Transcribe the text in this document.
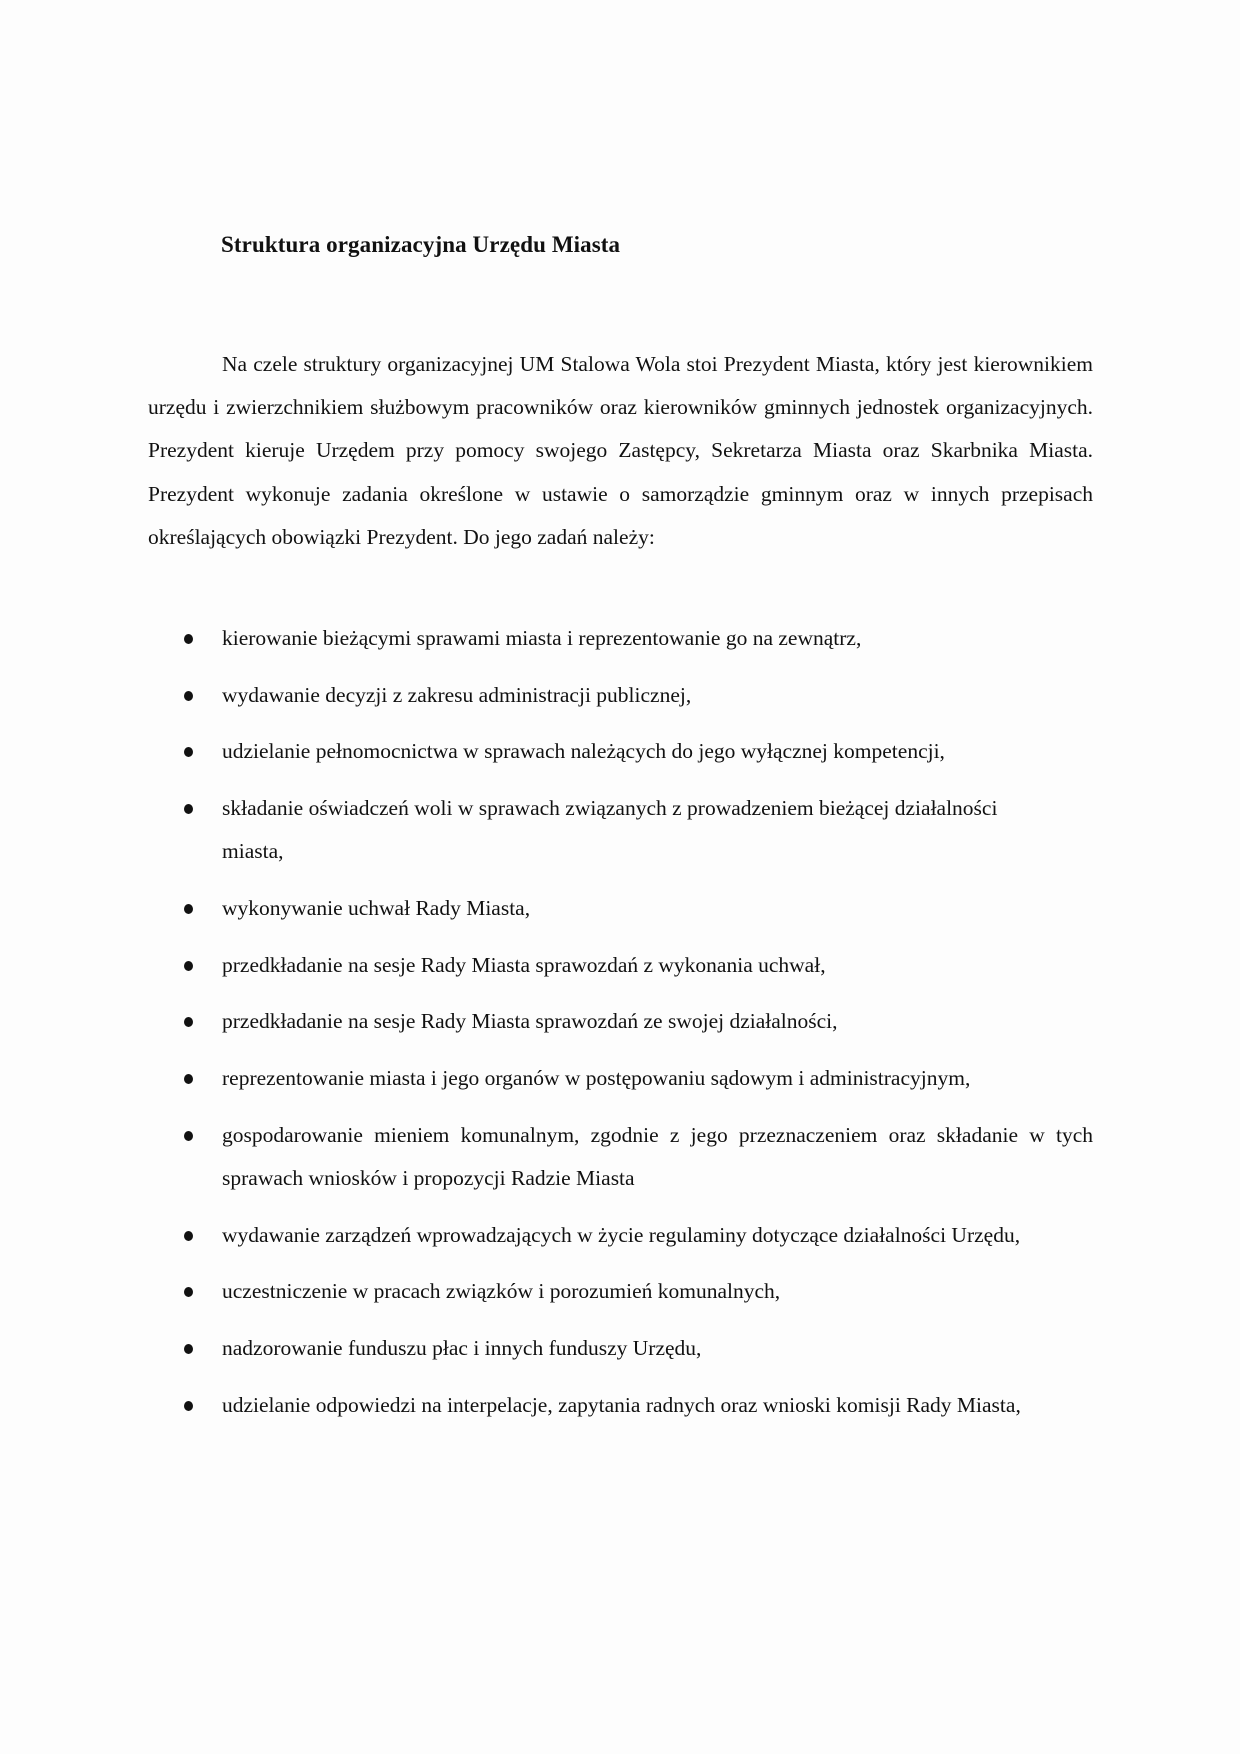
Struktura organizacyjna Urzędu Miasta

Na czele struktury organizacyjnej UM Stalowa Wola stoi Prezydent Miasta, który jest kierownikiem urzędu i zwierzchnikiem służbowym pracowników oraz kierowników gminnych jednostek organizacyjnych. Prezydent kieruje Urzędem przy pomocy swojego Zastępcy, Sekretarza Miasta oraz Skarbnika Miasta. Prezydent wykonuje zadania określone w ustawie o samorządzie gminnym oraz w innych przepisach określających obowiązki Prezydent. Do jego zadań należy:

kierowanie bieżącymi sprawami miasta i reprezentowanie go na zewnątrz,
wydawanie decyzji z zakresu administracji publicznej,
udzielanie pełnomocnictwa w sprawach należących do jego wyłącznej kompetencji,
składanie oświadczeń woli w sprawach związanych z prowadzeniem bieżącej działalności miasta,
wykonywanie uchwał Rady Miasta,
przedkładanie na sesje Rady Miasta sprawozdań z wykonania uchwał,
przedkładanie na sesje Rady Miasta sprawozdań ze swojej działalności,
reprezentowanie miasta i jego organów w postępowaniu sądowym i administracyjnym,
gospodarowanie mieniem komunalnym, zgodnie z jego przeznaczeniem oraz składanie w tych sprawach wniosków i propozycji Radzie Miasta
wydawanie zarządzeń wprowadzających w życie regulaminy dotyczące działalności Urzędu,
uczestniczenie w pracach związków i porozumień komunalnych,
nadzorowanie funduszu płac i innych funduszy Urzędu,
udzielanie odpowiedzi na interpelacje, zapytania radnych oraz wnioski komisji Rady Miasta,
